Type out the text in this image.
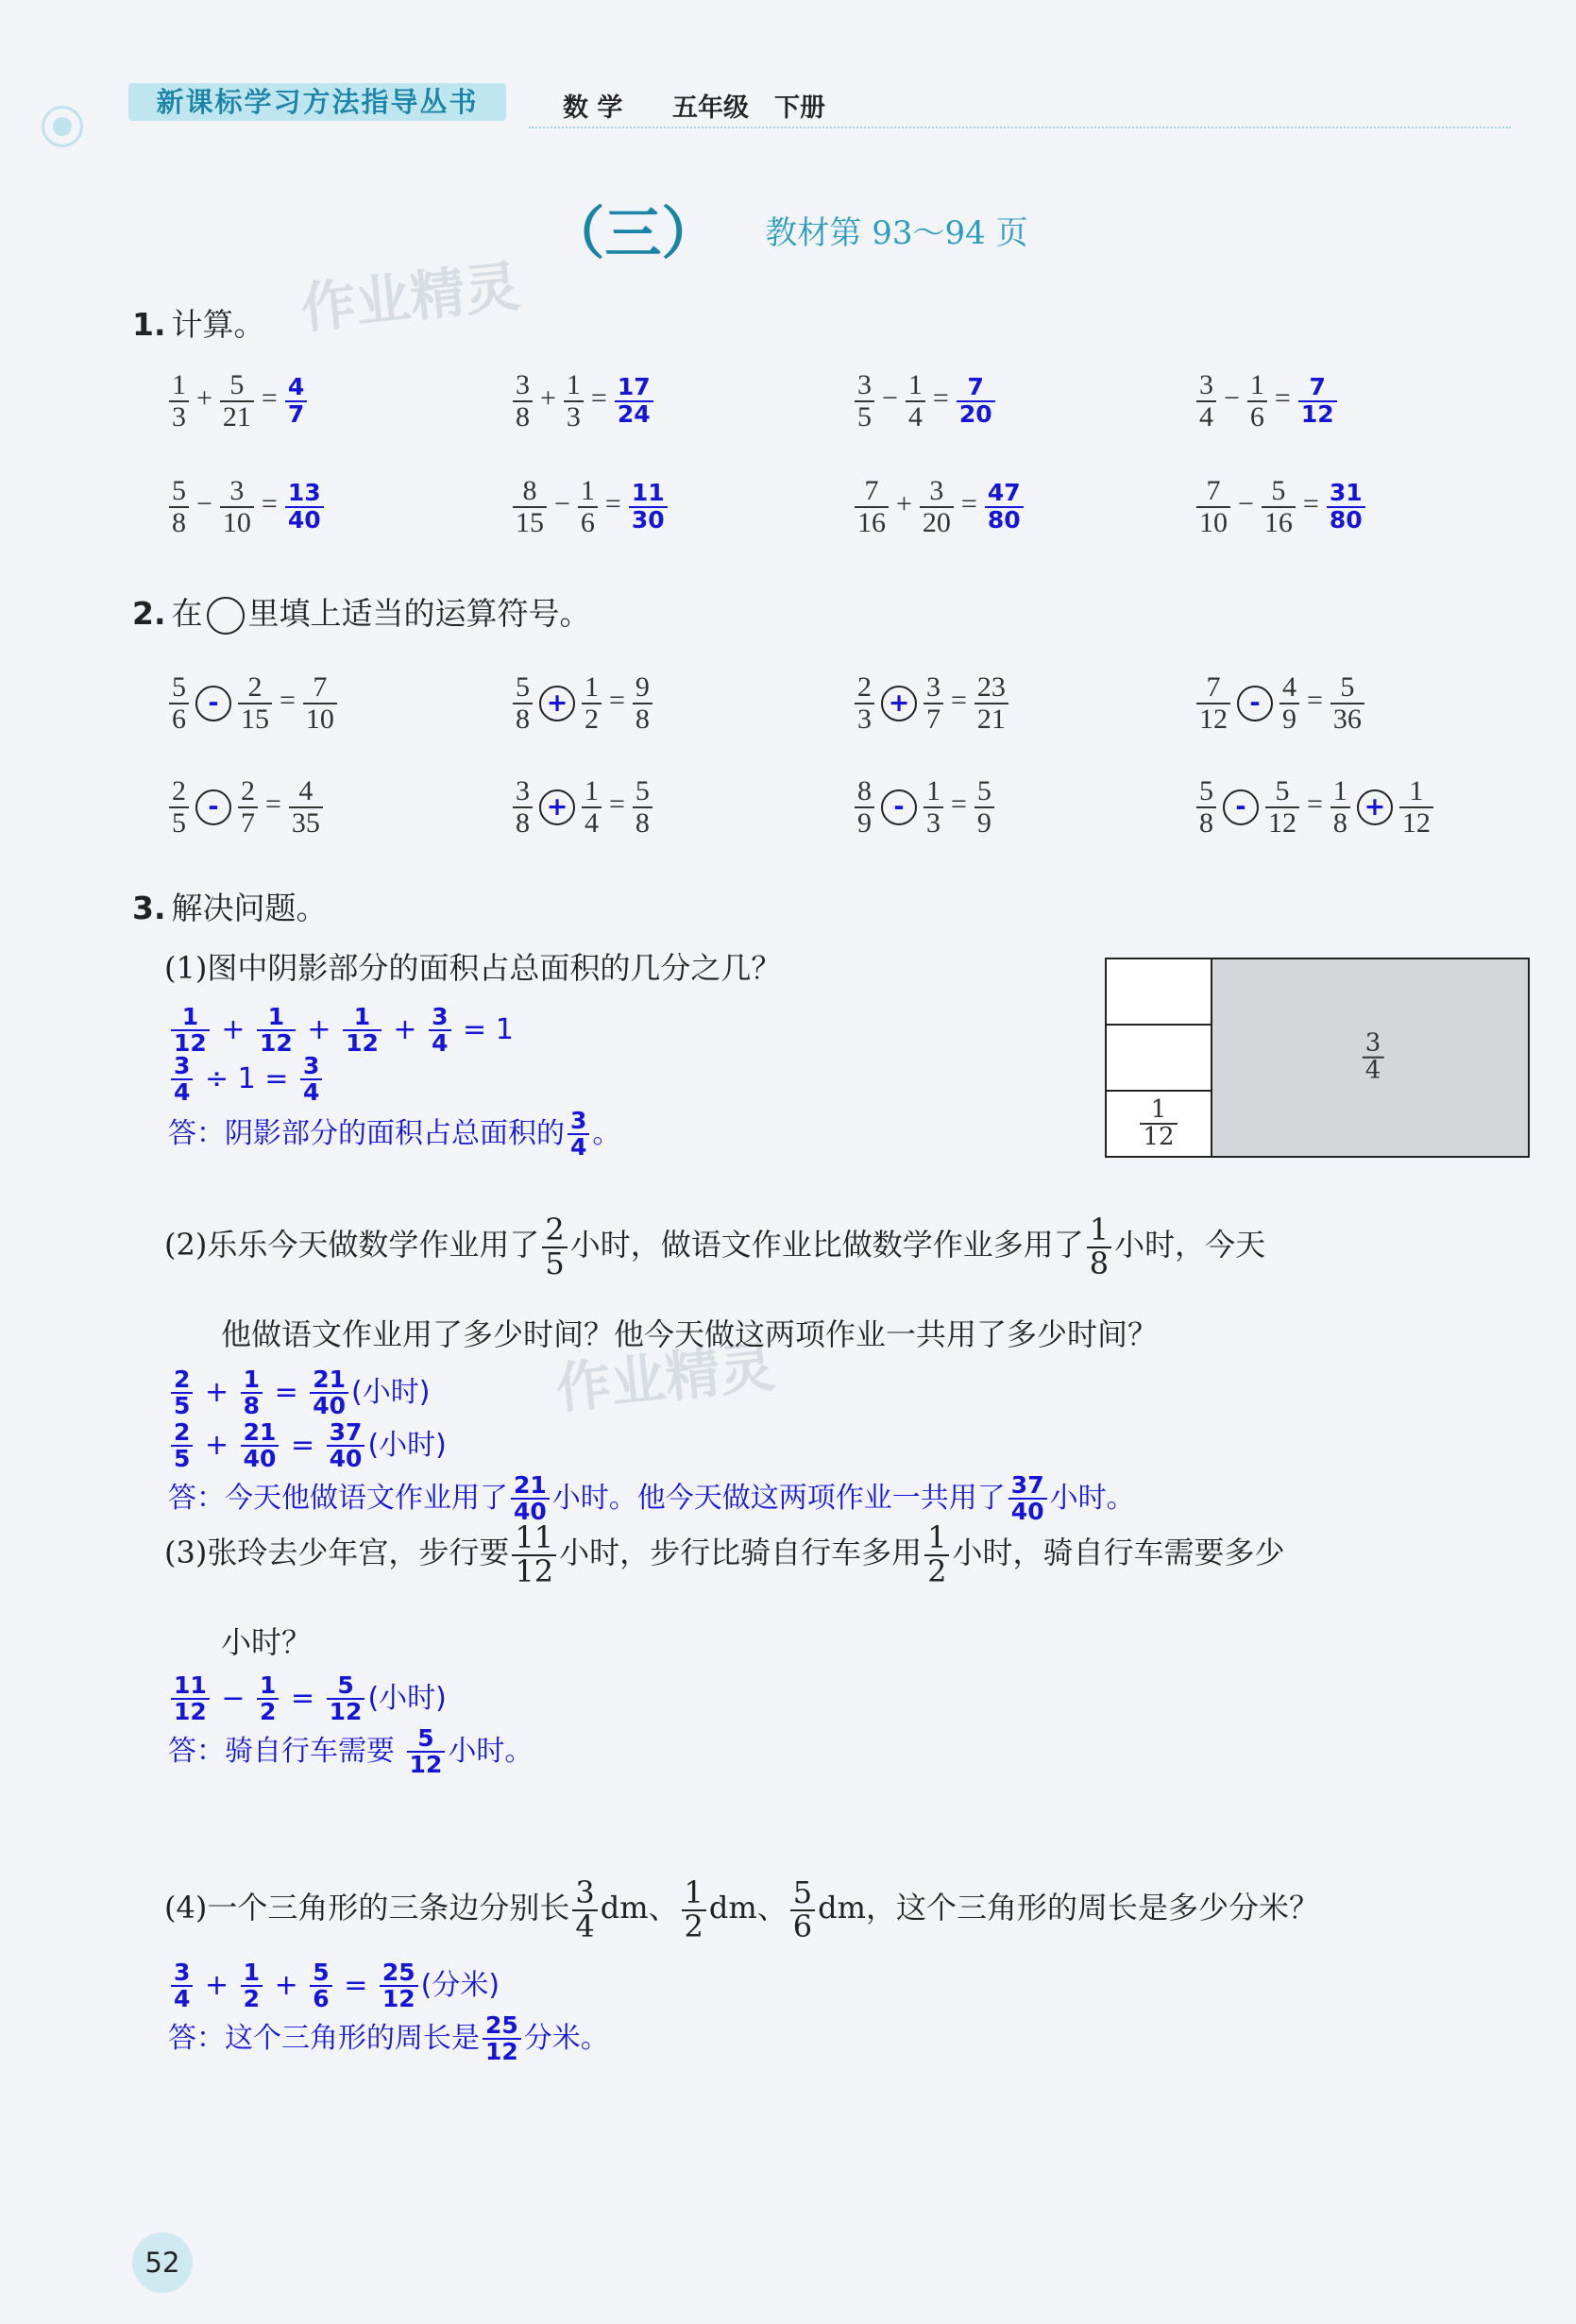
新课标学习方法指导丛书	数 学 五年级 下册
（三） 教材第 93～94 页
作业精灵
作业精灵
1. 计算。
$\frac{1}{3} + \frac{5}{21} = \frac{4}{7}$	$\frac{3}{8} + \frac{1}{3} = \frac{17}{24}$	$\frac{3}{5} - \frac{1}{4} = \frac{7}{20}$	$\frac{3}{4} - \frac{1}{6} = \frac{7}{12}$
$\frac{5}{8} - \frac{3}{10} = \frac{13}{40}$	$\frac{8}{15} - \frac{1}{6} = \frac{11}{30}$	$\frac{7}{16} + \frac{3}{20} = \frac{47}{80}$	$\frac{7}{10} - \frac{5}{16} = \frac{31}{80}$
2. 在 里填上适当的运算符号。
$\frac{5}{6} - \frac{2}{15} = \frac{7}{10}$	$\frac{5}{8} + \frac{1}{2} = \frac{9}{8}$	$\frac{2}{3} + \frac{3}{7} = \frac{23}{21}$	$\frac{7}{12} - \frac{4}{9} = \frac{5}{36}$
$\frac{2}{5} - \frac{2}{7} = \frac{4}{35}$	$\frac{3}{8} + \frac{1}{4} = \frac{5}{8}$	$\frac{8}{9} - \frac{1}{3} = \frac{5}{9}$	$\frac{5}{8} - \frac{5}{12} = \frac{1}{8} + \frac{1}{12}$
3. 解决问题。
(1)图中阴影部分的面积占总面积的几分之几？
$\frac{1}{12}$
3
4
$\frac{1}{12} + \frac{1}{12} + \frac{1}{12} + \frac{3}{4} = 1$
$\frac{3}{4} \div 1 = \frac{3}{4}$
答：阴影部分的面积占总面积的 $\frac{3}{4}$ 。
(2)乐乐今天做数学作业用了 $\frac{2}{5}$ 小时，做语文作业比做数学作业多用了 $\frac{1}{8}$ 小时，今天
他做语文作业用了多少时间？他今天做这两项作业一共用了多少时间？
$\frac{2}{5} + \frac{1}{8} = \frac{21}{40}$ (小时)
$\frac{2}{5} + \frac{21}{40} = \frac{37}{40}$ (小时)
答：今天他做语文作业用了 $\frac{21}{40}$ 小时。他今天做这两项作业一共用了 $\frac{37}{40}$ 小时。
(3)张玲去少年宫，步行要 $\frac{11}{12}$ 小时，步行比骑自行车多用 $\frac{1}{2}$ 小时，骑自行车需要多少
小时？
$\frac{11}{12} - \frac{1}{2} = \frac{5}{12}$ (小时)
答：骑自行车需要 $\frac{5}{12}$ 小时。
(4)一个三角形的三条边分别长 $\frac{3}{4}$ dm、 $\frac{1}{2}$ dm、 $\frac{5}{6}$ dm，这个三角形的周长是多少分米？
$\frac{3}{4} + \frac{1}{2} + \frac{5}{6} = \frac{25}{12}$ (分米)
答：这个三角形的周长是 $\frac{25}{12}$ 分米。
52
